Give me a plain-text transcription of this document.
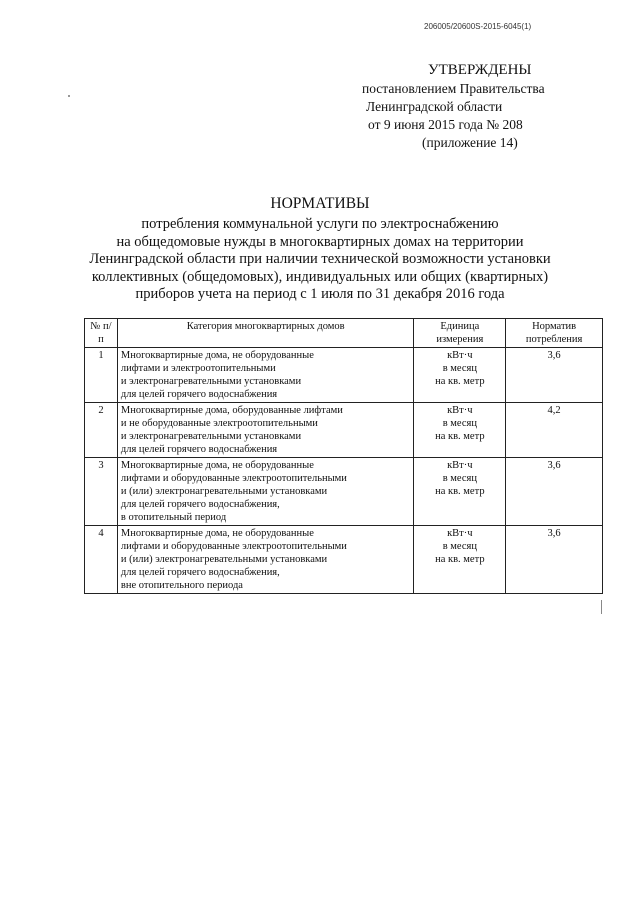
206005/20600S-2015-6045(1)
УТВЕРЖДЕНЫ
постановлением Правительства
Ленинградской области
от 9 июня 2015 года № 208
(приложение 14)
НОРМАТИВЫ
потребления коммунальной услуги по электроснабжению
на общедомовые нужды в многоквартирных домах на территории
Ленинградской области при наличии технической возможности установки
коллективных (общедомовых), индивидуальных или общих (квартирных)
приборов учета на период с 1 июля по 31 декабря 2016 года
№ п/п	Категория многоквартирных домов	Единица измерения	Норматив потребления
1	Многоквартирные дома, не оборудованные
лифтами и электроотопительными
и электронагревательными установками
для целей горячего водоснабжения	кВт·ч
в месяц
на кв. метр	3,6
2	Многоквартирные дома, оборудованные лифтами
и не оборудованные электроотопительными
и электронагревательными установками
для целей горячего водоснабжения	кВт·ч
в месяц
на кв. метр	4,2
3	Многоквартирные дома, не оборудованные
лифтами и оборудованные электроотопительными
и (или) электронагревательными установками
для целей горячего водоснабжения,
в отопительный период	кВт·ч
в месяц
на кв. метр	3,6
4	Многоквартирные дома, не оборудованные
лифтами и оборудованные электроотопительными
и (или) электронагревательными установками
для целей горячего водоснабжения,
вне отопительного периода	кВт·ч
в месяц
на кв. метр	3,6
